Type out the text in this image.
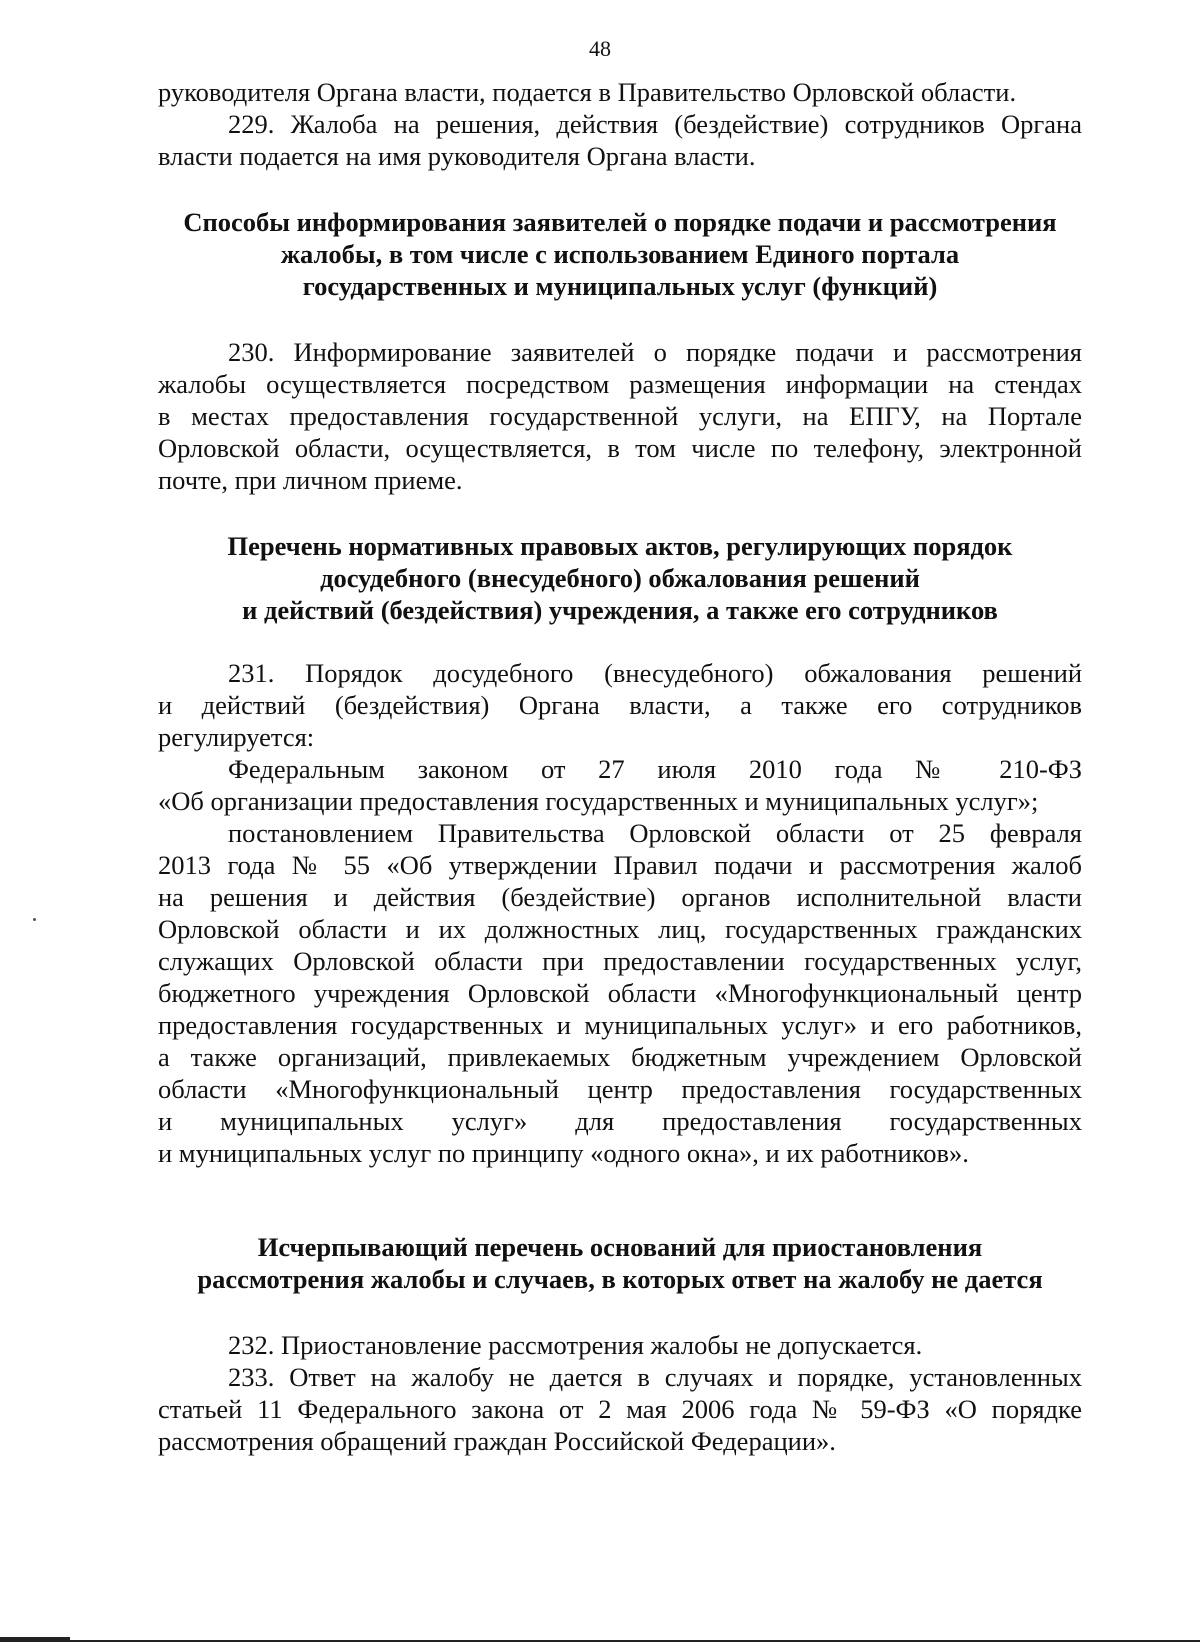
48
руководителя Органа власти, подается в Правительство Орловской области.
229. Жалоба на решения, действия (бездействие) сотрудников Органа
власти подается на имя руководителя Органа власти.
Способы информирования заявителей о порядке подачи и рассмотрения
жалобы, в том числе с использованием Единого портала
государственных и муниципальных услуг (функций)
230. Информирование заявителей о порядке подачи и рассмотрения
жалобы осуществляется посредством размещения информации на стендах
в местах предоставления государственной услуги, на ЕПГУ, на Портале
Орловской области, осуществляется, в том числе по телефону, электронной
почте, при личном приеме.
Перечень нормативных правовых актов, регулирующих порядок
досудебного (внесудебного) обжалования решений
и действий (бездействия) учреждения, а также его сотрудников
231. Порядок досудебного (внесудебного) обжалования решений
и действий (бездействия) Органа власти, а также его сотрудников
регулируется:
Федеральным законом от 27 июля 2010 года № 210-ФЗ
«Об организации предоставления государственных и муниципальных услуг»;
постановлением Правительства Орловской области от 25 февраля
2013 года № 55 «Об утверждении Правил подачи и рассмотрения жалоб
на решения и действия (бездействие) органов исполнительной власти
Орловской области и их должностных лиц, государственных гражданских
служащих Орловской области при предоставлении государственных услуг,
бюджетного учреждения Орловской области «Многофункциональный центр
предоставления государственных и муниципальных услуг» и его работников,
а также организаций, привлекаемых бюджетным учреждением Орловской
области «Многофункциональный центр предоставления государственных
и муниципальных услуг» для предоставления государственных
и муниципальных услуг по принципу «одного окна», и их работников».
Исчерпывающий перечень оснований для приостановления
рассмотрения жалобы и случаев, в которых ответ на жалобу не дается
232. Приостановление рассмотрения жалобы не допускается.
233. Ответ на жалобу не дается в случаях и порядке, установленных
статьей 11 Федерального закона от 2 мая 2006 года № 59-ФЗ «О порядке
рассмотрения обращений граждан Российской Федерации».
